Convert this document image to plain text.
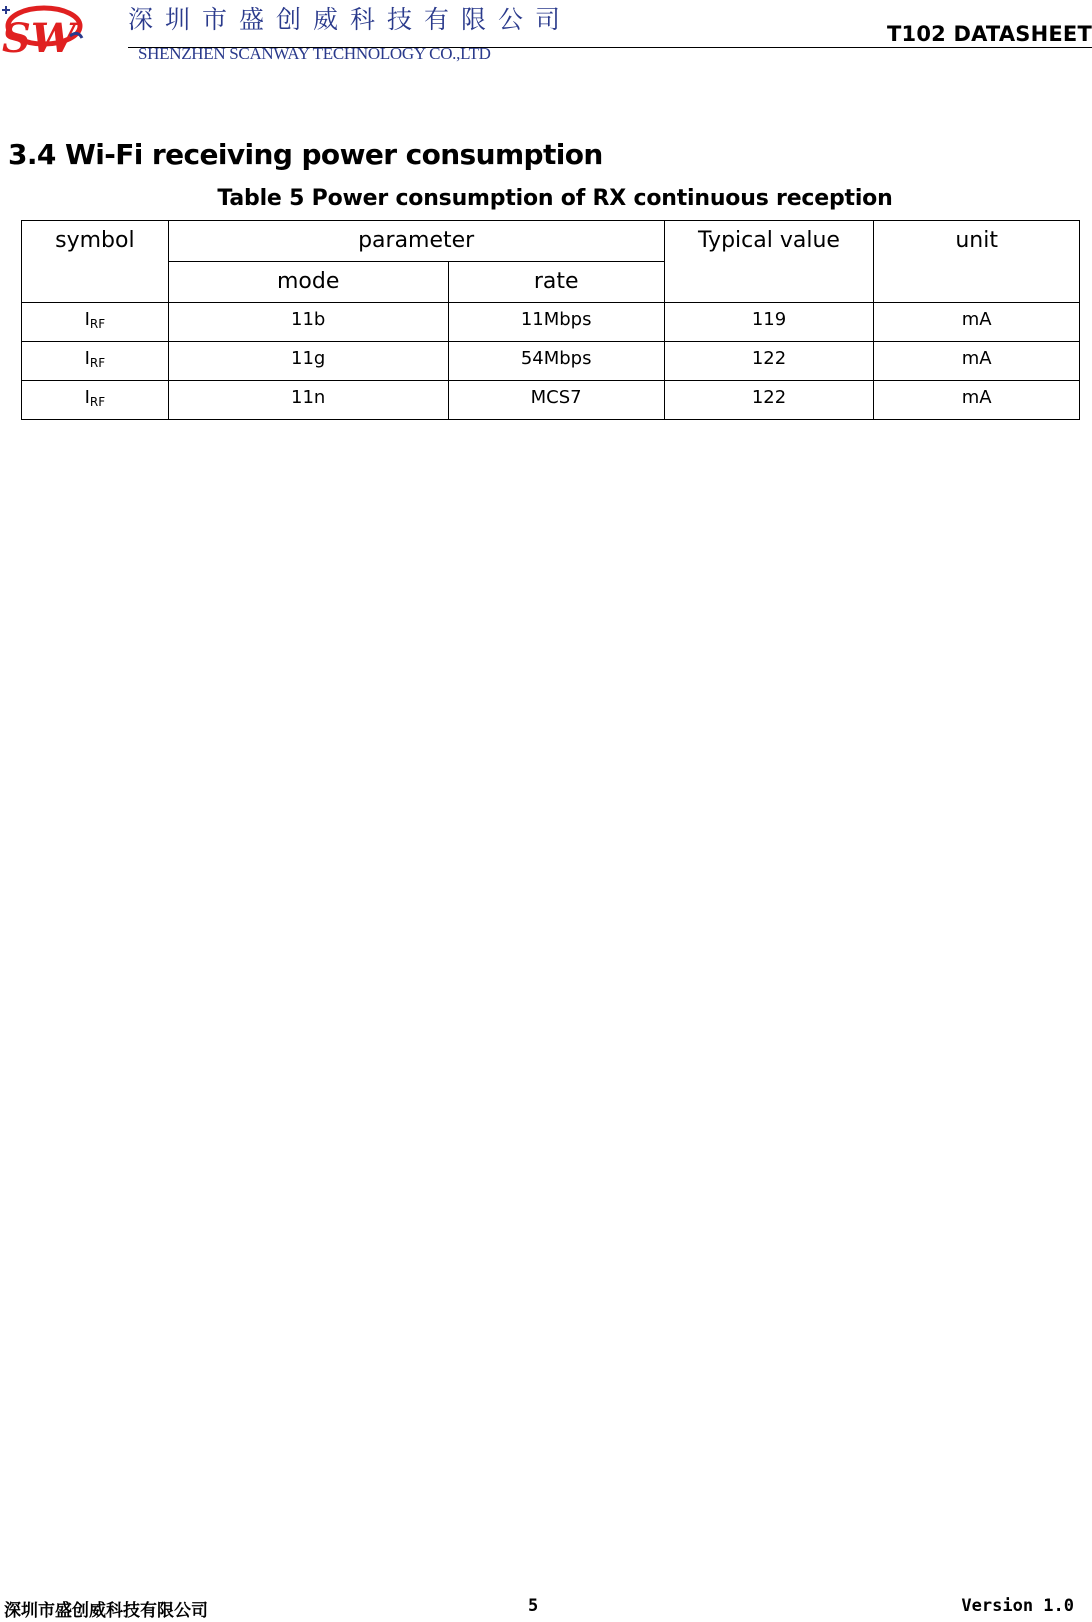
SW 深圳市盛创威科技有限公司
SHENZHEN SCANWAY TECHNOLOGY CO.,LTD
T102 DATASHEET
3.4 Wi-Fi receiving power consumption
Table 5 Power consumption of RX continuous reception
symbol	parameter		Typical value	unit
	mode	rate		
$I_{RF}$	11b	11Mbps	119	mA
$I_{RF}$	11g	54Mbps	122	mA
$I_{RF}$	11n	MCS7	122	mA
深圳市盛创威科技有限公司	5	Version 1.0
